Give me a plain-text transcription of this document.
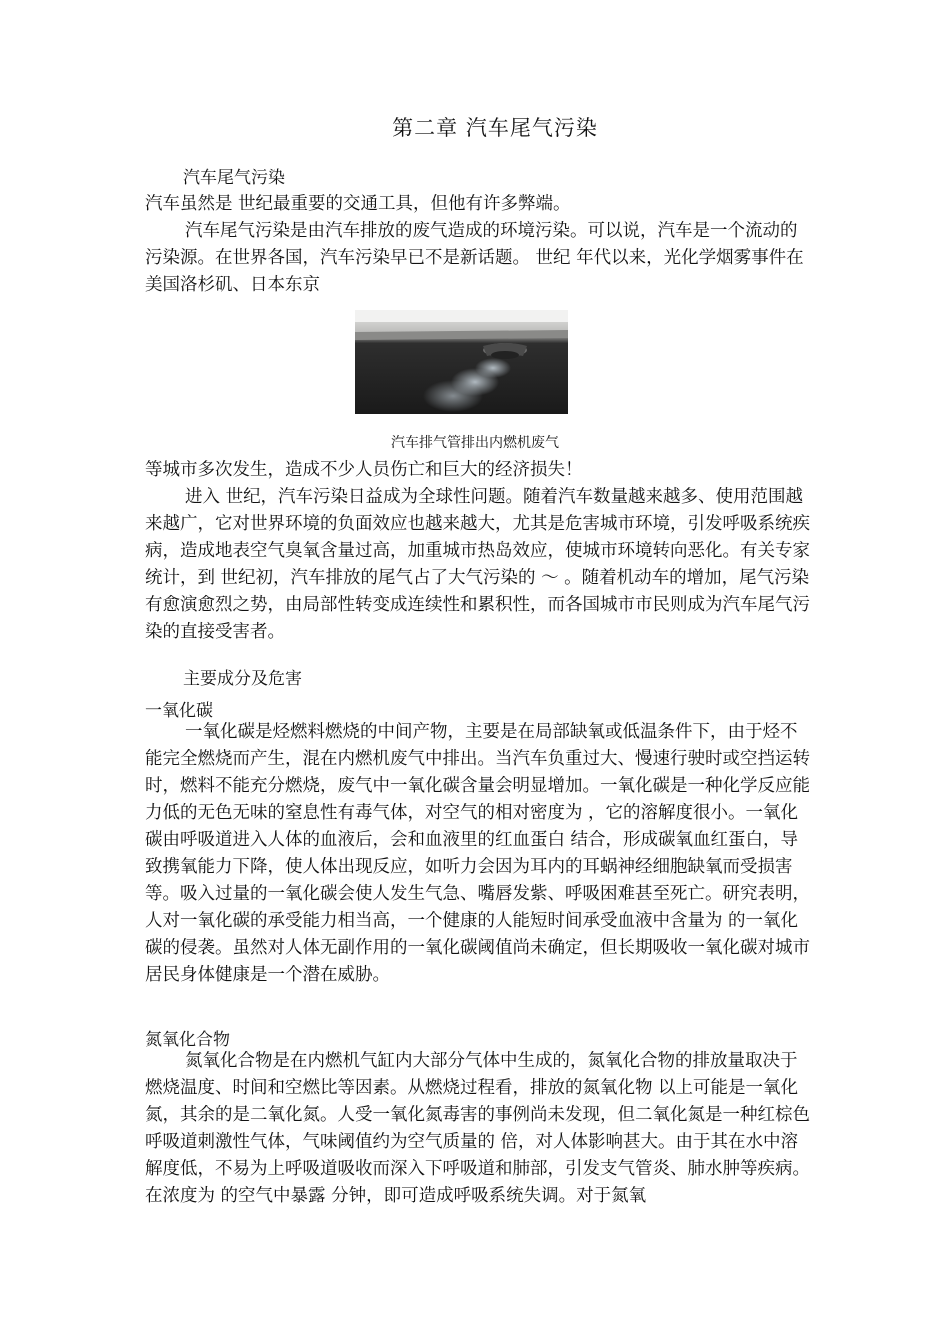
第二章 汽车尾气污染
汽车尾气污染

汽车虽然是 世纪最重要的交通工具，但他有许多弊端。

汽车尾气污染是由汽车排放的废气造成的环境污染。可以说，汽车是一个流动的污染源。在世界各国，汽车污染早已不是新话题。 世纪 年代以来，光化学烟雾事件在美国洛杉矶、日本东京

汽车排气管排出内燃机废气

等城市多次发生，造成不少人员伤亡和巨大的经济损失！

进入 世纪，汽车污染日益成为全球性问题。随着汽车数量越来越多、使用范围越来越广，它对世界环境的负面效应也越来越大，尤其是危害城市环境，引发呼吸系统疾病，造成地表空气臭氧含量过高，加重城市热岛效应，使城市环境转向恶化。有关专家统计，到 世纪初，汽车排放的尾气占了大气污染的 ～ 。随着机动车的增加，尾气污染有愈演愈烈之势，由局部性转变成连续性和累积性，而各国城市市民则成为汽车尾气污染的直接受害者。

主要成分及危害
一氧化碳

一氧化碳是烃燃料燃烧的中间产物，主要是在局部缺氧或低温条件下，由于烃不能完全燃烧而产生，混在内燃机废气中排出。当汽车负重过大、慢速行驶时或空挡运转时，燃料不能充分燃烧，废气中一氧化碳含量会明显增加。一氧化碳是一种化学反应能力低的无色无味的窒息性有毒气体，对空气的相对密度为 ，它的溶解度很小。一氧化碳由呼吸道进入人体的血液后，会和血液里的红血蛋白 结合，形成碳氧血红蛋白，导致携氧能力下降，使人体出现反应，如听力会因为耳内的耳蜗神经细胞缺氧而受损害等。吸入过量的一氧化碳会使人发生气急、嘴唇发紫、呼吸困难甚至死亡。研究表明，人对一氧化碳的承受能力相当高，一个健康的人能短时间承受血液中含量为 的一氧化碳的侵袭。虽然对人体无副作用的一氧化碳阈值尚未确定，但长期吸收一氧化碳对城市居民身体健康是一个潜在威胁。

氮氧化合物

氮氧化合物是在内燃机气缸内大部分气体中生成的，氮氧化合物的排放量取决于燃烧温度、时间和空燃比等因素。从燃烧过程看，排放的氮氧化物 以上可能是一氧化氮，其余的是二氧化氮。人受一氧化氮毒害的事例尚未发现，但二氧化氮是一种红棕色呼吸道刺激性气体，气味阈值约为空气质量的 倍，对人体影响甚大。由于其在水中溶解度低，不易为上呼吸道吸收而深入下呼吸道和肺部，引发支气管炎、肺水肿等疾病。在浓度为 的空气中暴露 分钟，即可造成呼吸系统失调。对于氮氧
